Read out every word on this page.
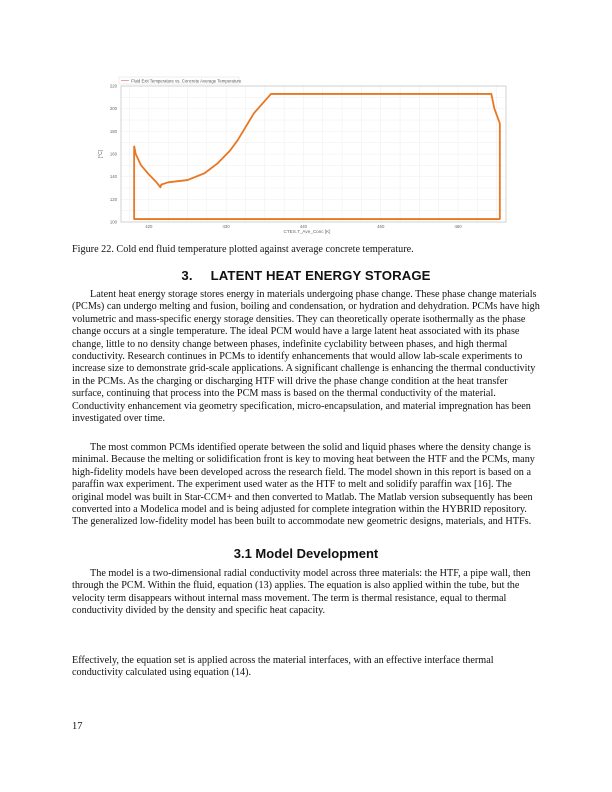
100
120
140
160
180
200
220
420	430	440	450	460
[°C]
CTES.T_Ave_Conc [K]
Fluid Exit Temperature vs. Concrete Average Temperature
Figure 22. Cold end fluid temperature plotted against average concrete temperature.
3. LATENT HEAT ENERGY STORAGE
Latent heat energy storage stores energy in materials undergoing phase change. These phase change materials (PCMs) can undergo melting and fusion, boiling and condensation, or hydration and dehydration. PCMs have high volumetric and mass-specific energy storage densities. They can theoretically operate isothermally as the phase change occurs at a single temperature. The ideal PCM would have a large latent heat associated with its phase change, little to no density change between phases, indefinite cyclability between phases, and high thermal conductivity. Research continues in PCMs to identify enhancements that would allow lab-scale experiments to increase size to demonstrate grid-scale applications. A significant challenge is enhancing the thermal conductivity in the PCMs. As the charging or discharging HTF will drive the phase change condition at the heat transfer surface, continuing that process into the PCM mass is based on the thermal conductivity of the material. Conductivity enhancement via geometry specification, micro-encapsulation, and material impregnation has been investigated over time.
The most common PCMs identified operate between the solid and liquid phases where the density change is minimal. Because the melting or solidification front is key to moving heat between the HTF and the PCMs, many high-fidelity models have been developed across the research field. The model shown in this report is based on a paraffin wax experiment. The experiment used water as the HTF to melt and solidify paraffin wax [16]. The original model was built in Star-CCM+ and then converted to Matlab. The Matlab version subsequently has been converted into a Modelica model and is being adjusted for complete integration within the HYBRID repository. The generalized low-fidelity model has been built to accommodate new geometric designs, materials, and HTFs.
3.1 Model Development
The model is a two-dimensional radial conductivity model across three materials: the HTF, a pipe wall, then through the PCM. Within the fluid, equation (13) applies. The equation is also applied within the tube, but the velocity term disappears without internal mass movement. The term is thermal resistance, equal to thermal conductivity divided by the density and specific heat capacity.
Effectively, the equation set is applied across the material interfaces, with an effective interface thermal conductivity calculated using equation (14).
17
